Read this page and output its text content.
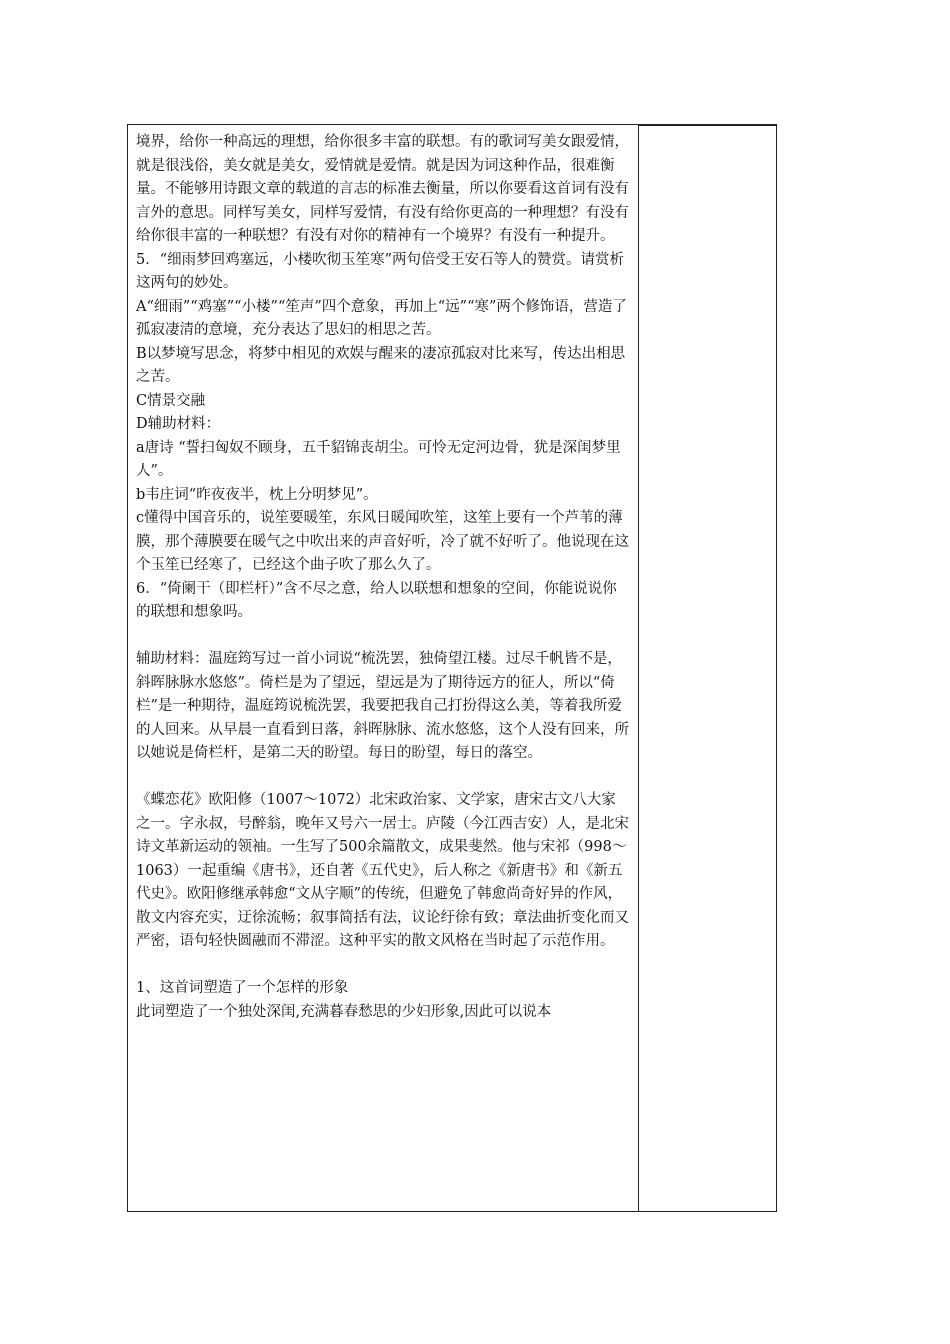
境界，给你一种高远的理想，给你很多丰富的联想。有的歌词写美女跟爱情，就是很浅俗，美女就是美女，爱情就是爱情。就是因为词这种作品，很难衡量。不能够用诗跟文章的载道的言志的标准去衡量，所以你要看这首词有没有言外的意思。同样写美女，同样写爱情，有没有给你更高的一种理想？有没有给你很丰富的一种联想？有没有对你的精神有一个境界？有没有一种提升。

5．“细雨梦回鸡塞远，小楼吹彻玉笙寒”两句倍受王安石等人的赞赏。请赏析这两句的妙处。

A“细雨”“鸡塞”“小楼”“笙声”四个意象，再加上“远”“寒”两个修饰语，营造了孤寂凄清的意境，充分表达了思妇的相思之苦。

B以梦境写思念，将梦中相见的欢娱与醒来的凄凉孤寂对比来写，传达出相思之苦。

C情景交融

D辅助材料：

a唐诗 “誓扫匈奴不顾身，五千貂锦丧胡尘。可怜无定河边骨，犹是深闺梦里人”。

b韦庄词“昨夜夜半，枕上分明梦见”。

c懂得中国音乐的，说笙要暖笙，东风日暖闻吹笙，这笙上要有一个芦苇的薄膜，那个薄膜要在暖气之中吹出来的声音好听，冷了就不好听了。他说现在这个玉笙已经寒了，已经这个曲子吹了那么久了。

6．“倚阑干（即栏杆）”含不尽之意，给人以联想和想象的空间，你能说说你的联想和想象吗。

辅助材料：温庭筠写过一首小词说“梳洗罢，独倚望江楼。过尽千帆皆不是，斜晖脉脉水悠悠”。倚栏是为了望远，望远是为了期待远方的征人，所以“倚栏”是一种期待，温庭筠说梳洗罢，我要把我自己打扮得这么美，等着我所爱的人回来。从早晨一直看到日落，斜晖脉脉、流水悠悠，这个人没有回来，所以她说是倚栏杆，是第二天的盼望。每日的盼望，每日的落空。

《蝶恋花》欧阳修（1007～1072）北宋政治家、文学家，唐宋古文八大家之一。字永叔，号醉翁，晚年又号六一居士。庐陵（今江西吉安）人，是北宋诗文革新运动的领袖。一生写了500余篇散文，成果斐然。他与宋祁（998～1063）一起重编《唐书》，还自著《五代史》，后人称之《新唐书》和《新五代史》。欧阳修继承韩愈“文从字顺”的传统，但避免了韩愈尚奇好异的作风，散文内容充实，迂徐流畅；叙事简括有法，议论纡徐有致；章法曲折变化而又严密，语句轻快圆融而不滞涩。这种平实的散文风格在当时起了示范作用。

1、这首词塑造了一个怎样的形象

此词塑造了一个独处深闺,充满暮春愁思的少妇形象,因此可以说本
